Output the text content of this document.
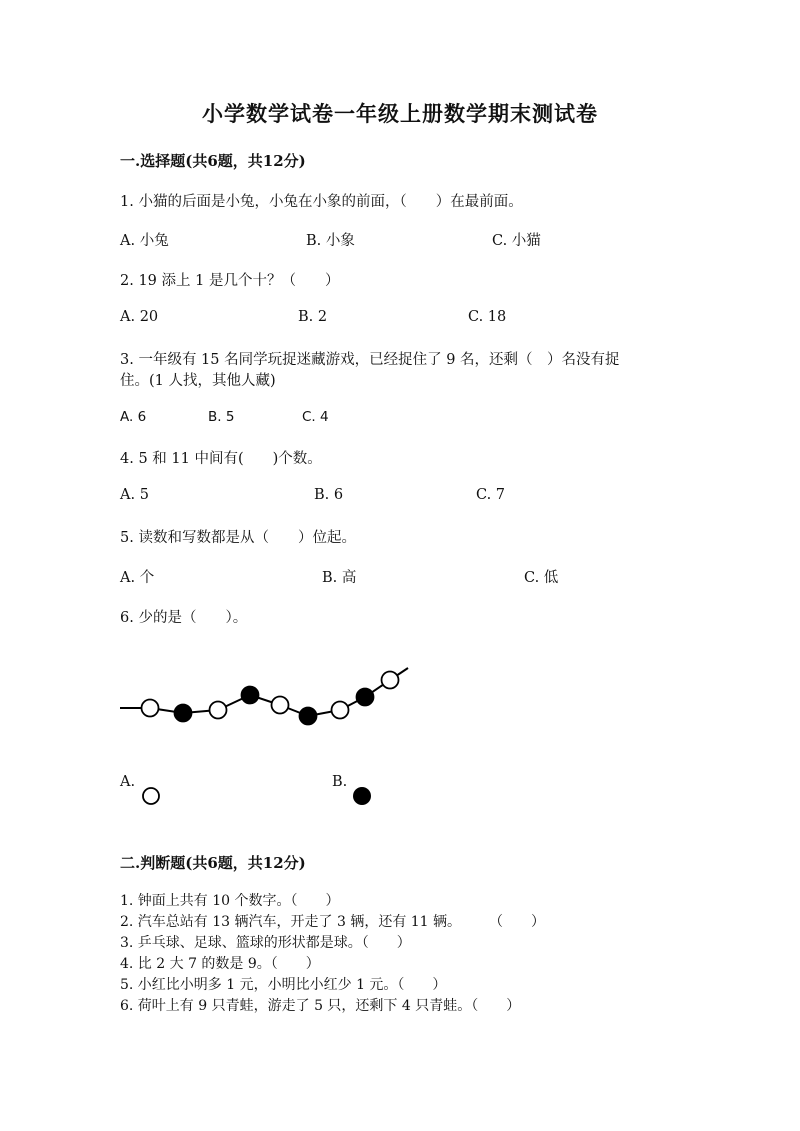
小学数学试卷一年级上册数学期末测试卷
一.选择题(共6题，共12分)
1. 小猫的后面是小兔，小兔在小象的前面，（　　）在最前面。
A. 小兔	B. 小象	C. 小猫
2. 19 添上 1 是几个十？（　　）
A. 20	B. 2	C. 18
3. 一年级有 15 名同学玩捉迷藏游戏，已经捉住了 9 名，还剩（　）名没有捉
住。(1 人找，其他人藏)
A. 6	B. 5	C. 4
4. 5 和 11 中间有(　　)个数。
A. 5	B. 6	C. 7
5. 读数和写数都是从（　　）位起。
A. 个	B. 高	C. 低
6. 少的是（　　）。
A.	B.
二.判断题(共6题，共12分)
1. 钟面上共有 10 个数字。（　　）
2. 汽车总站有 13 辆汽车，开走了 3 辆，还有 11 辆。　　　（　　）
3. 乒乓球、足球、篮球的形状都是球。（　　）
4. 比 2 大 7 的数是 9。（　　）
5. 小红比小明多 1 元，小明比小红少 1 元。（　　）
6. 荷叶上有 9 只青蛙，游走了 5 只，还剩下 4 只青蛙。（　　）
